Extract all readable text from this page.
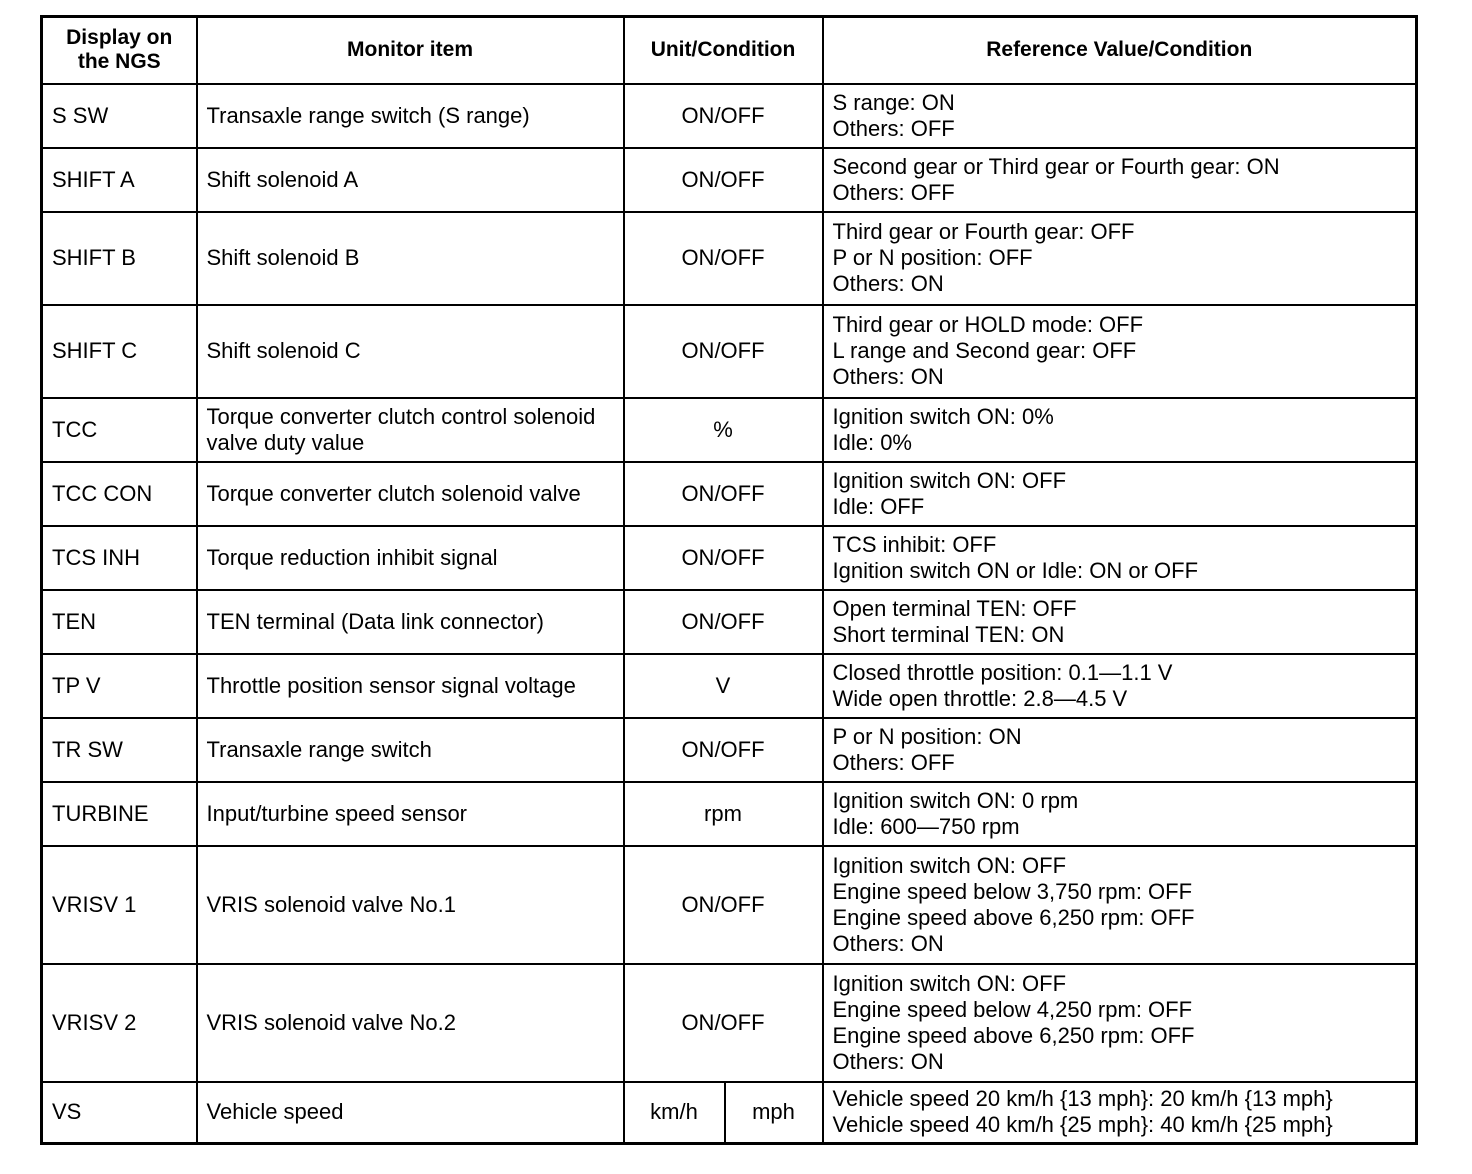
Display on
the NGS	Monitor item	Unit/Condition		Reference Value/Condition
S SW	Transaxle range switch (S range)	ON/OFF		S range: ON
Others: OFF
SHIFT A	Shift solenoid A	ON/OFF		Second gear or Third gear or Fourth gear: ON
Others: OFF
SHIFT B	Shift solenoid B	ON/OFF		Third gear or Fourth gear: OFF
P or N position: OFF
Others: ON
SHIFT C	Shift solenoid C	ON/OFF		Third gear or HOLD mode: OFF
L range and Second gear: OFF
Others: ON
TCC	Torque converter clutch control solenoid valve duty value	%		Ignition switch ON: 0%
Idle: 0%
TCC CON	Torque converter clutch solenoid valve	ON/OFF		Ignition switch ON: OFF
Idle: OFF
TCS INH	Torque reduction inhibit signal	ON/OFF		TCS inhibit: OFF
Ignition switch ON or Idle: ON or OFF
TEN	TEN terminal (Data link connector)	ON/OFF		Open terminal TEN: OFF
Short terminal TEN: ON
TP V	Throttle position sensor signal voltage	V		Closed throttle position: 0.1—1.1 V
Wide open throttle: 2.8—4.5 V
TR SW	Transaxle range switch	ON/OFF		P or N position: ON
Others: OFF
TURBINE	Input/turbine speed sensor	rpm		Ignition switch ON: 0 rpm
Idle: 600—750 rpm
VRISV 1	VRIS solenoid valve No.1	ON/OFF		Ignition switch ON: OFF
Engine speed below 3,750 rpm: OFF
Engine speed above 6,250 rpm: OFF
Others: ON
VRISV 2	VRIS solenoid valve No.2	ON/OFF		Ignition switch ON: OFF
Engine speed below 4,250 rpm: OFF
Engine speed above 6,250 rpm: OFF
Others: ON
VS	Vehicle speed	km/h	mph	Vehicle speed 20 km/h {13 mph}: 20 km/h {13 mph}
Vehicle speed 40 km/h {25 mph}: 40 km/h {25 mph}
